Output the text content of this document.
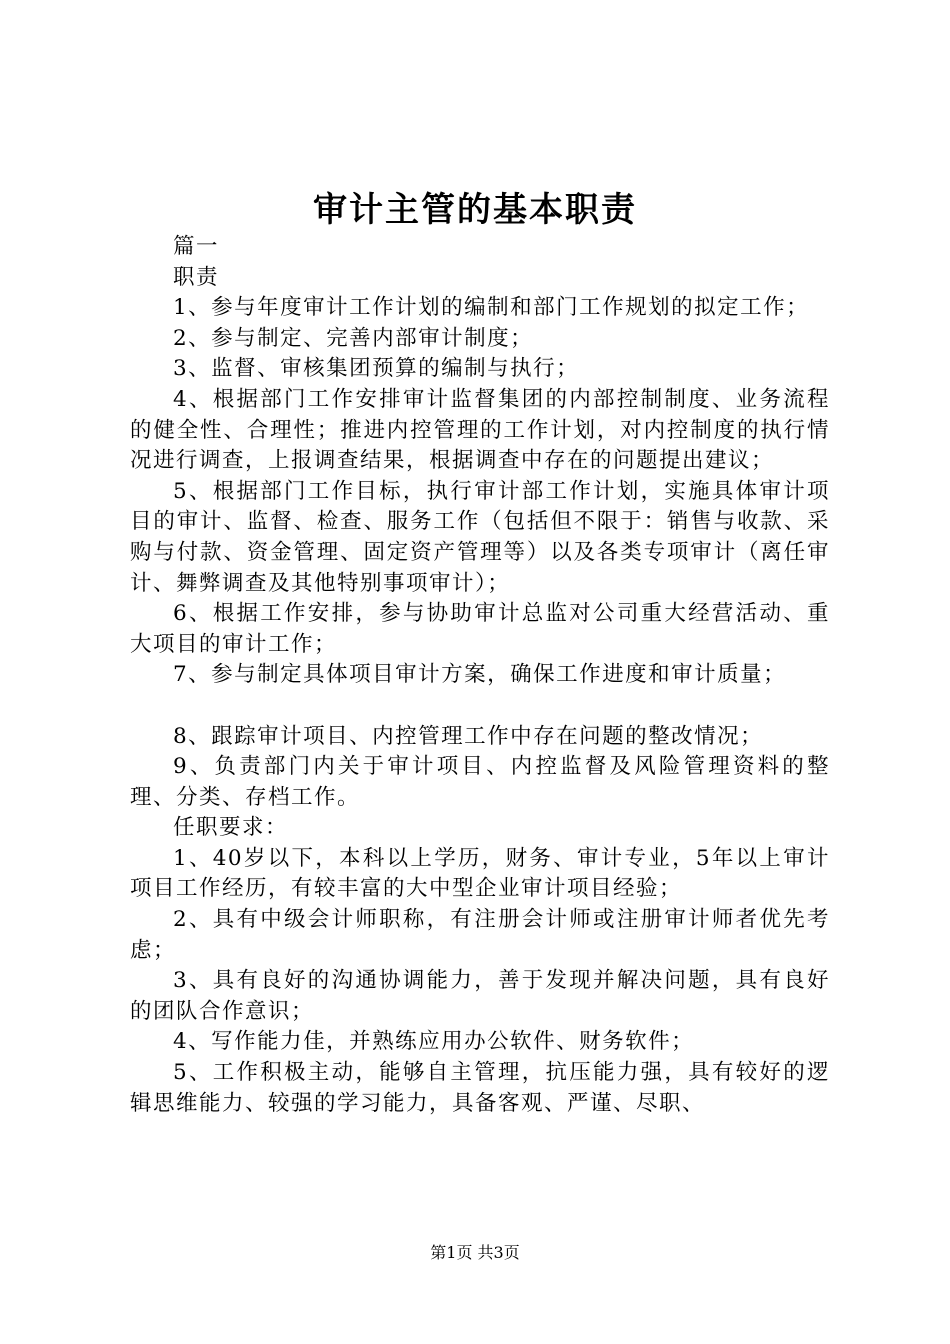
审计主管的基本职责

篇一

职责

1、参与年度审计工作计划的编制和部门工作规划的拟定工作；

2、参与制定、完善内部审计制度；

3、监督、审核集团预算的编制与执行；

4、根据部门工作安排审计监督集团的内部控制制度、业务流程的健全性、合理性；推进内控管理的工作计划，对内控制度的执行情况进行调查，上报调查结果，根据调查中存在的问题提出建议；

5、根据部门工作目标，执行审计部工作计划，实施具体审计项目的审计、监督、检查、服务工作（包括但不限于：销售与收款、采购与付款、资金管理、固定资产管理等）以及各类专项审计（离任审计、舞弊调查及其他特别事项审计）；

6、根据工作安排，参与协助审计总监对公司重大经营活动、重大项目的审计工作；

7、参与制定具体项目审计方案，确保工作进度和审计质量；

8、跟踪审计项目、内控管理工作中存在问题的整改情况；

9、负责部门内关于审计项目、内控监督及风险管理资料的整理、分类、存档工作。

任职要求：

1、40岁以下，本科以上学历，财务、审计专业，5年以上审计项目工作经历，有较丰富的大中型企业审计项目经验；

2、具有中级会计师职称，有注册会计师或注册审计师者优先考虑；

3、具有良好的沟通协调能力，善于发现并解决问题，具有良好的团队合作意识；

4、写作能力佳，并熟练应用办公软件、财务软件；

5、工作积极主动，能够自主管理，抗压能力强，具有较好的逻辑思维能力、较强的学习能力，具备客观、严谨、尽职、

第1页 共3页
